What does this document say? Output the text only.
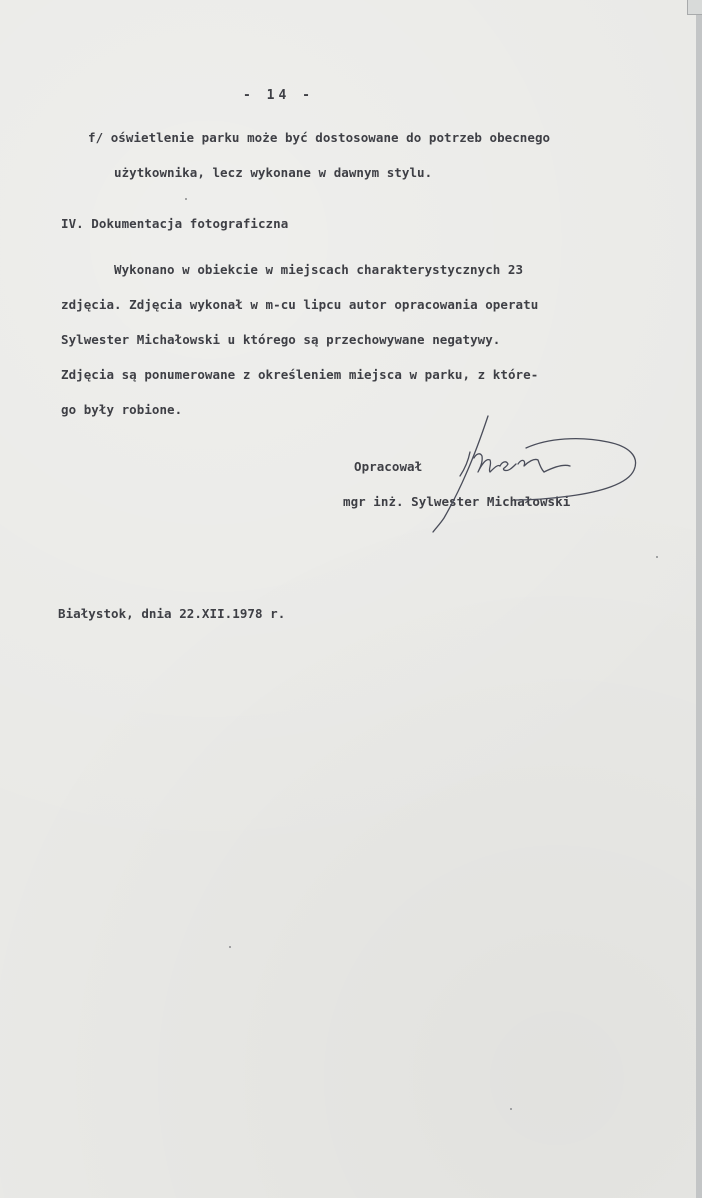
- 14 -
f/ oświetlenie parku może być dostosowane do potrzeb obecnego
użytkownika, lecz wykonane w dawnym stylu.
IV. Dokumentacja fotograficzna
Wykonano w obiekcie w miejscach charakterystycznych 23
zdjęcia. Zdjęcia wykonał w m-cu lipcu autor opracowania operatu
Sylwester Michałowski u którego są przechowywane negatywy.
Zdjęcia są ponumerowane z określeniem miejsca w parku, z które-
go były robione.
Opracował
mgr inż. Sylwester Michałowski
Białystok, dnia 22.XII.1978 r.
